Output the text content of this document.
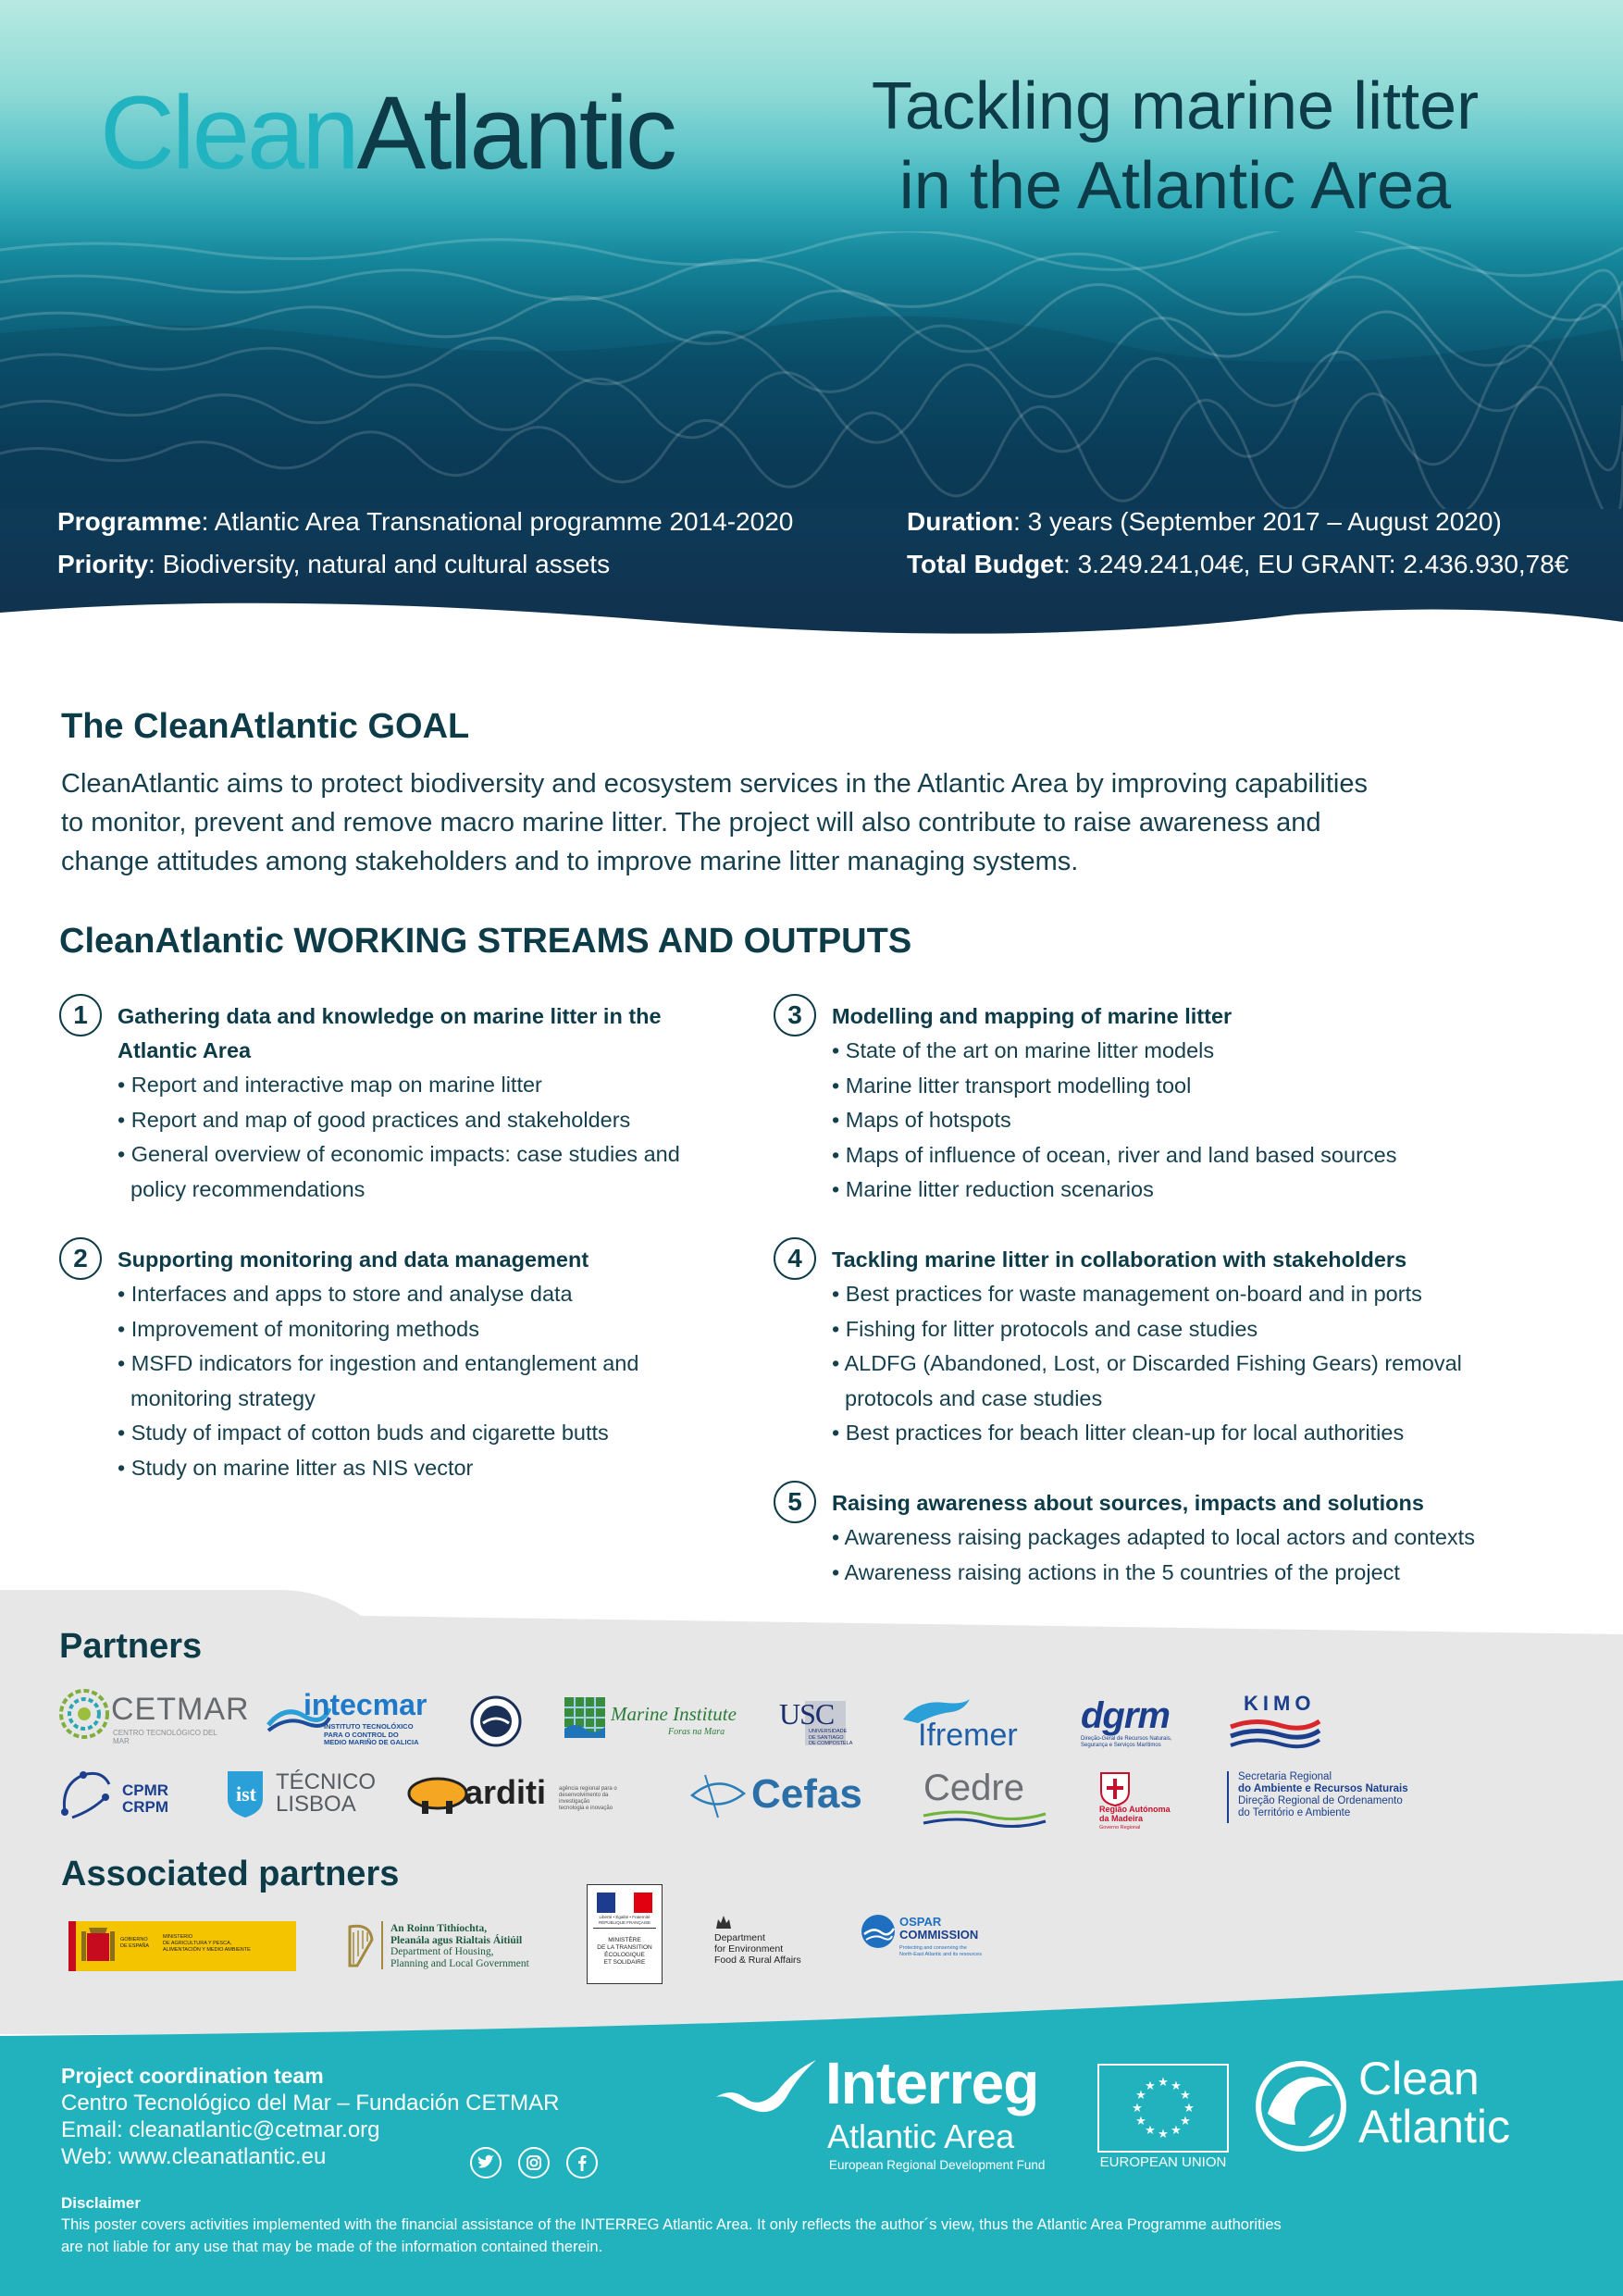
CleanAtlantic	Tackling marine litter
in the Atlantic Area
Programme: Atlantic Area Transnational programme 2014-2020
Priority: Biodiversity, natural and cultural assets
Duration: 3 years (September 2017 – August 2020)
Total Budget: 3.249.241,04€, EU GRANT: 2.436.930,78€
The CleanAtlantic GOAL
CleanAtlantic aims to protect biodiversity and ecosystem services in the Atlantic Area by improving capabilities
to monitor, prevent and remove macro marine litter. The project will also contribute to raise awareness and
change attitudes among stakeholders and to improve marine litter managing systems.
CleanAtlantic WORKING STREAMS AND OUTPUTS
1	Gathering data and knowledge on marine litter in the
Atlantic Area
• Report and interactive map on marine litter
• Report and map of good practices and stakeholders
• General overview of economic impacts: case studies and policy recommendations
2	Supporting monitoring and data management
• Interfaces and apps to store and analyse data
• Improvement of monitoring methods
• MSFD indicators for ingestion and entanglement and monitoring strategy
• Study of impact of cotton buds and cigarette butts
• Study on marine litter as NIS vector
3	Modelling and mapping of marine litter
• State of the art on marine litter models
• Marine litter transport modelling tool
• Maps of hotspots
• Maps of influence of ocean, river and land based sources
• Marine litter reduction scenarios
4	Tackling marine litter in collaboration with stakeholders
• Best practices for waste management on-board and in ports
• Fishing for litter protocols and case studies
• ALDFG (Abandoned, Lost, or Discarded Fishing Gears) removal protocols and case studies
• Best practices for beach litter clean-up for local authorities
5	Raising awareness about sources, impacts and solutions
• Awareness raising packages adapted to local actors and contexts
• Awareness raising actions in the 5 countries of the project
Partners
CETMAR
CENTRO TECNOLÓGICO DEL MAR
intecmar
INSTITUTO TECNOLÓXICO
PARA O CONTROL DO
MEDIO MARIÑO DE GALICIA
Marine Institute
Foras na Mara
USC
UNIVERSIDADE
DE SANTIAGO
DE COMPOSTELA Ifremer dgrm
Direção-Geral de Recursos Naturais,
Segurança e Serviços Marítimos
KIMO
CPMR
CRPM
ist TÉCNICO
LISBOA	arditi agência regional para o
desenvolvimento da investigação
tecnologia e inovação	Cefas Cedre
Região Autónoma
da Madeira
Governo Regional
Secretaria Regional
do Ambiente e Recursos Naturais
Direção Regional de Ordenamento
do Território e Ambiente
Associated partners
GOBIERNO
DE ESPAÑA
MINISTERIO
DE AGRICULTURA Y PESCA,
ALIMENTACIÓN Y MEDIO AMBIENTE
An Roinn Tithíochta,
Pleanála agus Rialtais Áitiúil
Department of Housing,
Planning and Local Government
Liberté • Égalité • Fraternité
RÉPUBLIQUE FRANÇAISE
MINISTÈRE
DE LA TRANSITION
ÉCOLOGIQUE
ET SOLIDAIRE
Department
for Environment
Food & Rural Affairs
OSPAR
COMMISSION
Protecting and conserving the
North-East Atlantic and its resources
Project coordination team
Centro Tecnológico del Mar – Fundación CETMAR
Email: cleanatlantic@cetmar.org
Web: www.cleanatlantic.eu
Interreg
Atlantic Area
European Regional Development Fund
★ ★
★
★
★
★
★
★
★
★
★
★
EUROPEAN UNION
Clean
Atlantic
Disclaimer
This poster covers activities implemented with the financial assistance of the INTERREG Atlantic Area. It only reflects the author´s view, thus the Atlantic Area Programme authorities
are not liable for any use that may be made of the information contained therein.
